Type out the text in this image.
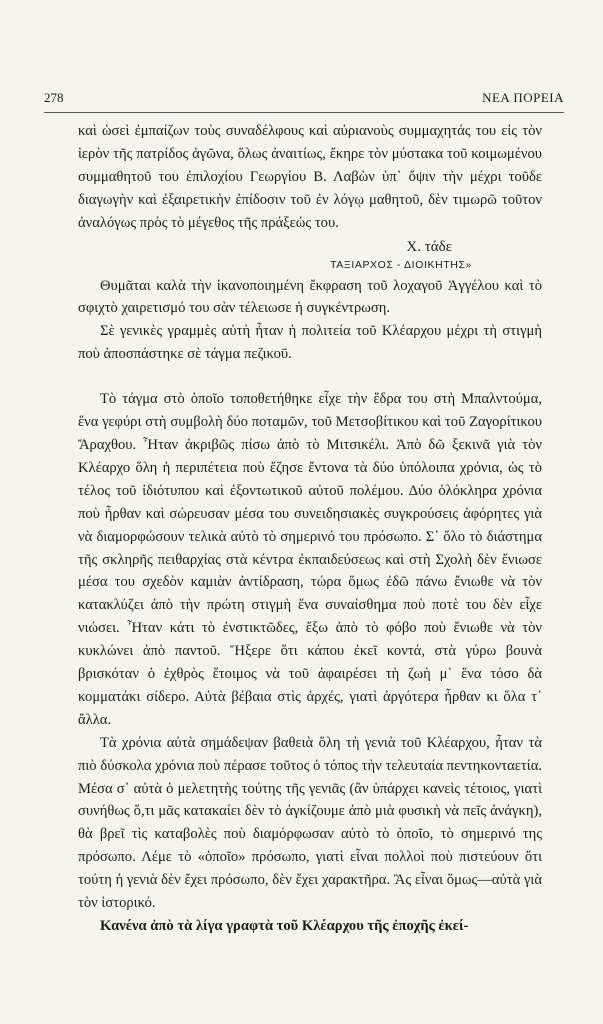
278	ΝΕΑ ΠΟΡΕΙΑ

καὶ ὡσεὶ ἐμπαίζων τοὺς συναδέλφους καὶ αὐριανοὺς συμμαχητάς του εἰς τὸν ἱερὸν τῆς πατρίδος ἀγῶνα, ὅλως ἀναιτίως, ἔκηρε τὸν μύστακα τοῦ κοιμωμένου συμμαθητοῦ του ἐπιλοχίου Γεωργίου Β. Λαβὼν ὑπ᾽ ὄψιν τὴν μέχρι τοῦδε διαγωγὴν καὶ ἐξαιρετικὴν ἐπίδοσιν τοῦ ἐν λόγῳ μαθητοῦ, δὲν τιμωρῶ τοῦτον ἀναλόγως πρὸς τὸ μέγεθος τῆς πράξεώς του.

Χ. τάδε
ΤΑΞΙΑΡΧΟΣ - ΔΙΟΙΚΗΤΗΣ»

Θυμᾶται καλὰ τὴν ἱκανοποιημένη ἔκφραση τοῦ λοχαγοῦ Ἀγγέλου καὶ τὸ σφιχτὸ χαιρετισμό του σὰν τέλειωσε ἡ συγκέντρωση.

Σὲ γενικὲς γραμμὲς αὐτὴ ἦταν ἡ πολιτεία τοῦ Κλέαρχου μέχρι τὴ στιγμὴ ποὺ ἀποσπάστηκε σὲ τάγμα πεζικοῦ.

Τὸ τάγμα στὸ ὁποῖο τοποθετήθηκε εἶχε τὴν ἕδρα του στὴ Μπαλντούμα, ἕνα γεφύρι στὴ συμβολὴ δύο ποταμῶν, τοῦ Μετσοβίτικου καὶ τοῦ Ζαγορίτικου Ἄραχθου. Ἦταν ἀκριβῶς πίσω ἀπὸ τὸ Μιτσικέλι. Ἀπὸ δῶ ξεκινᾶ γιὰ τὸν Κλέαρχο ὅλη ἡ περιπέτεια ποὺ ἔζησε ἔντονα τὰ δύο ὑπόλοιπα χρόνια, ὡς τὸ τέλος τοῦ ἰδιότυπου καὶ ἐξοντωτικοῦ αὐτοῦ πολέμου. Δύο ὁλόκληρα χρόνια ποὺ ἦρθαν καὶ σώρευσαν μέσα του συνειδησιακὲς συγκρούσεις ἀφόρητες γιὰ νὰ διαμορφώσουν τελικὰ αὐτὸ τὸ σημερινό του πρόσωπο. Σ᾽ ὅλο τὸ διάστημα τῆς σκληρῆς πειθαρχίας στὰ κέντρα ἐκπαιδεύσεως καὶ στὴ Σχολὴ δὲν ἔνιωσε μέσα του σχεδὸν καμιὰν ἀντίδραση, τώρα ὅμως ἐδῶ πάνω ἔνιωθε νὰ τὸν κατακλύζει ἀπὸ τὴν πρώτη στιγμὴ ἕνα συναίσθημα ποὺ ποτὲ του δὲν εἶχε νιώσει. Ἦταν κάτι τὸ ἐνστικτῶδες, ἔξω ἀπὸ τὸ φόβο ποὺ ἔνιωθε νὰ τὸν κυκλώνει ἀπὸ παντοῦ. Ἤξερε ὅτι κάπου ἐκεῖ κοντά, στὰ γύρω βουνὰ βρισκόταν ὁ ἐχθρὸς ἕτοιμος νὰ τοῦ ἀφαιρέσει τὴ ζωὴ μ᾽ ἕνα τόσο δὰ κομματάκι σίδερο. Αὐτὰ βέβαια στὶς ἀρχές, γιατὶ ἀργότερα ἦρθαν κι ὅλα τ᾽ ἄλλα.

Τὰ χρόνια αὐτὰ σημάδεψαν βαθειὰ ὅλη τὴ γενιὰ τοῦ Κλέαρχου, ἦταν τὰ πιὸ δύσκολα χρόνια ποὺ πέρασε τοῦτος ὁ τόπος τὴν τελευταία πεντηκονταετία. Μέσα σ᾽ αὐτὰ ὁ μελετητὴς τούτης τῆς γενιᾶς (ἂν ὑπάρχει κανεὶς τέτοιος, γιατὶ συνήθως ὅ,τι μᾶς κατακαίει δὲν τὸ ἀγκίζουμε ἀπὸ μιὰ φυσικὴ νὰ πεῖς ἀνάγκη), θὰ βρεῖ τὶς καταβολὲς ποὺ διαμόρφωσαν αὐτὸ τὸ ὁποῖο, τὸ σημερινό της πρόσωπο. Λέμε τὸ «ὁποῖο» πρόσωπο, γιατὶ εἶναι πολλοὶ ποὺ πιστεύουν ὅτι τούτη ἡ γενιὰ δὲν ἔχει πρόσωπο, δὲν ἔχει χαρακτῆρα. Ἂς εἶναι ὅμως—αὐτὰ γιὰ τὸν ἱστορικό.

Κανένα ἀπὸ τὰ λίγα γραφτὰ τοῦ Κλέαρχου τῆς ἐποχῆς ἐκεί-
